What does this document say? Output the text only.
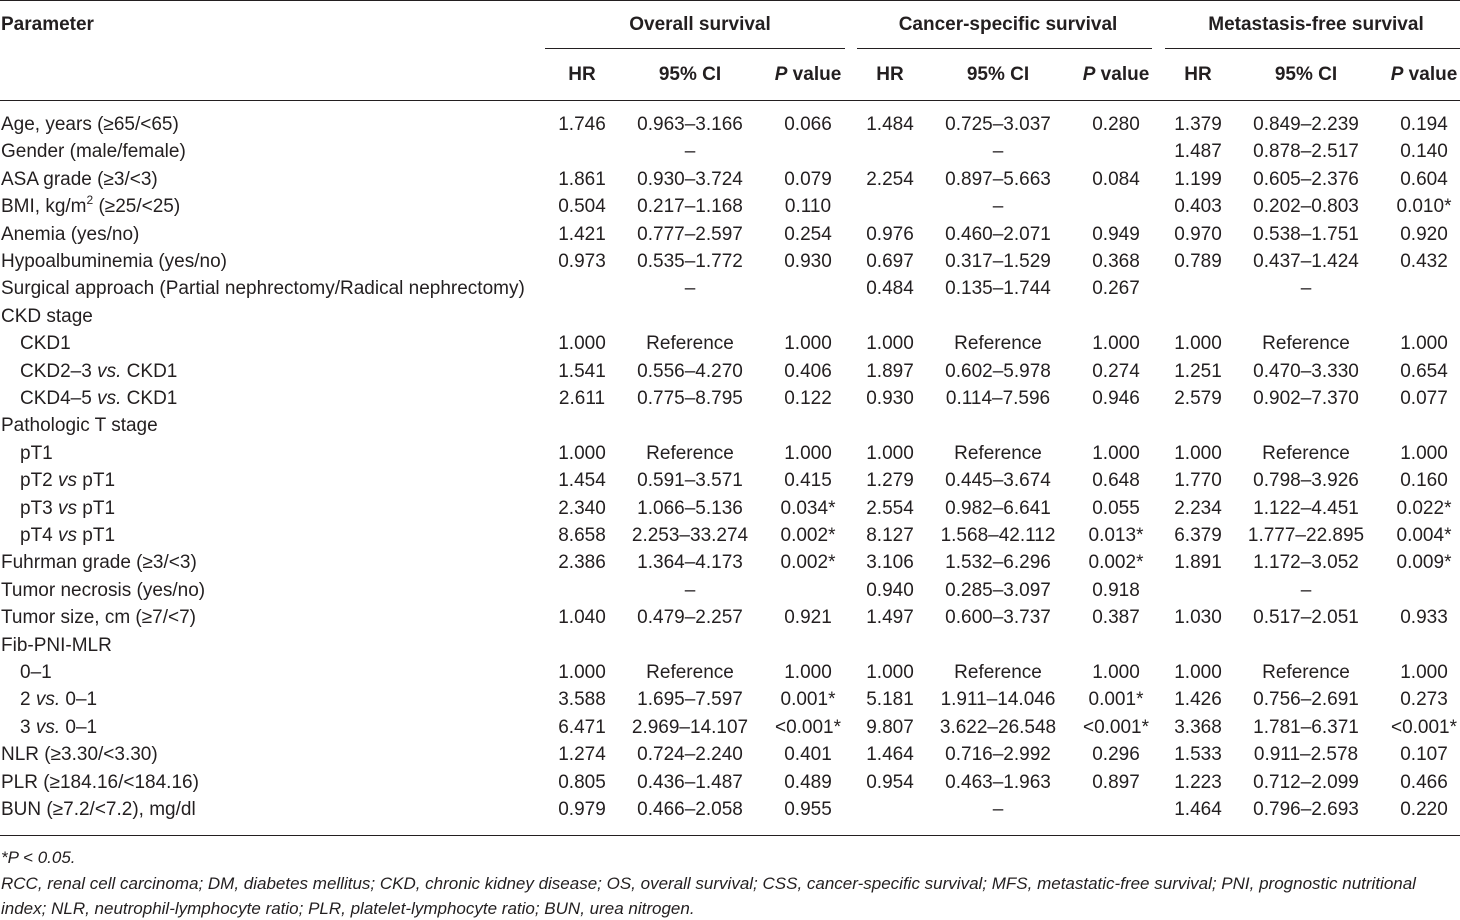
Parameter	Overall survival	Cancer-specific survival	Metastasis-free survival
HR	95% CI	P value HR	95% CI	P value HR	95% CI	P value
Age, years (≥65/<65)	1.746 0.963–3.166 0.066 1.484 0.725–3.037 0.280 1.379 0.849–2.239 0.194
Gender (male/female)	–	–	1.487 0.878–2.517 0.140
ASA grade (≥3/<3)	1.861 0.930–3.724 0.079 2.254 0.897–5.663 0.084 1.199 0.605–2.376 0.604
BMI, $kg/m^2$ (≥25/<25)	0.504 0.217–1.168 0.110	–	0.403 0.202–0.803 0.010*
Anemia (yes/no)	1.421 0.777–2.597 0.254 0.976 0.460–2.071 0.949 0.970 0.538–1.751 0.920
Hypoalbuminemia (yes/no)	0.973 0.535–1.772 0.930 0.697 0.317–1.529 0.368 0.789 0.437–1.424 0.432
Surgical approach (Partial nephrectomy/Radical nephrectomy)	–	0.484 0.135–1.744 0.267	–
CKD stage
CKD1	1.000 Reference	1.000 1.000 Reference	1.000 1.000 Reference	1.000
CKD2–3 vs. CKD1	1.541 0.556–4.270 0.406 1.897 0.602–5.978 0.274 1.251 0.470–3.330 0.654
CKD4–5 vs. CKD1	2.611 0.775–8.795 0.122 0.930 0.114–7.596 0.946 2.579 0.902–7.370 0.077
Pathologic T stage
pT1	1.000 Reference	1.000 1.000 Reference	1.000 1.000 Reference	1.000
pT2 vs pT1	1.454 0.591–3.571 0.415 1.279 0.445–3.674 0.648 1.770 0.798–3.926 0.160
pT3 vs pT1	2.340 1.066–5.136 0.034* 2.554 0.982–6.641 0.055 2.234 1.122–4.451 0.022*
pT4 vs pT1	8.658 2.253–33.274 0.002* 8.127 1.568–42.112 0.013* 6.379 1.777–22.895 0.004*
Fuhrman grade (≥3/<3)	2.386 1.364–4.173 0.002* 3.106 1.532–6.296 0.002* 1.891 1.172–3.052 0.009*
Tumor necrosis (yes/no)	–	0.940 0.285–3.097 0.918	–
Tumor size, cm (≥7/<7)	1.040 0.479–2.257 0.921 1.497 0.600–3.737 0.387 1.030 0.517–2.051 0.933
Fib-PNI-MLR
0–1	1.000 Reference	1.000 1.000 Reference	1.000 1.000 Reference	1.000
2 vs. 0–1	3.588 1.695–7.597 0.001* 5.181 1.911–14.046 0.001* 1.426 0.756–2.691 0.273
3 vs. 0–1	6.471 2.969–14.107 <0.001* 9.807 3.622–26.548 <0.001* 3.368 1.781–6.371 <0.001*
NLR (≥3.30/<3.30)	1.274 0.724–2.240 0.401 1.464 0.716–2.992 0.296 1.533 0.911–2.578 0.107
PLR (≥184.16/<184.16)	0.805 0.436–1.487 0.489 0.954 0.463–1.963 0.897 1.223 0.712–2.099 0.466
BUN (≥7.2/<7.2), mg/dl	0.979 0.466–2.058 0.955	–	1.464 0.796–2.693 0.220
*P < 0.05.
RCC, renal cell carcinoma; DM, diabetes mellitus; CKD, chronic kidney disease; OS, overall survival; CSS, cancer-specific survival; MFS, metastatic-free survival; PNI, prognostic nutritional
index; NLR, neutrophil-lymphocyte ratio; PLR, platelet-lymphocyte ratio; BUN, urea nitrogen.
